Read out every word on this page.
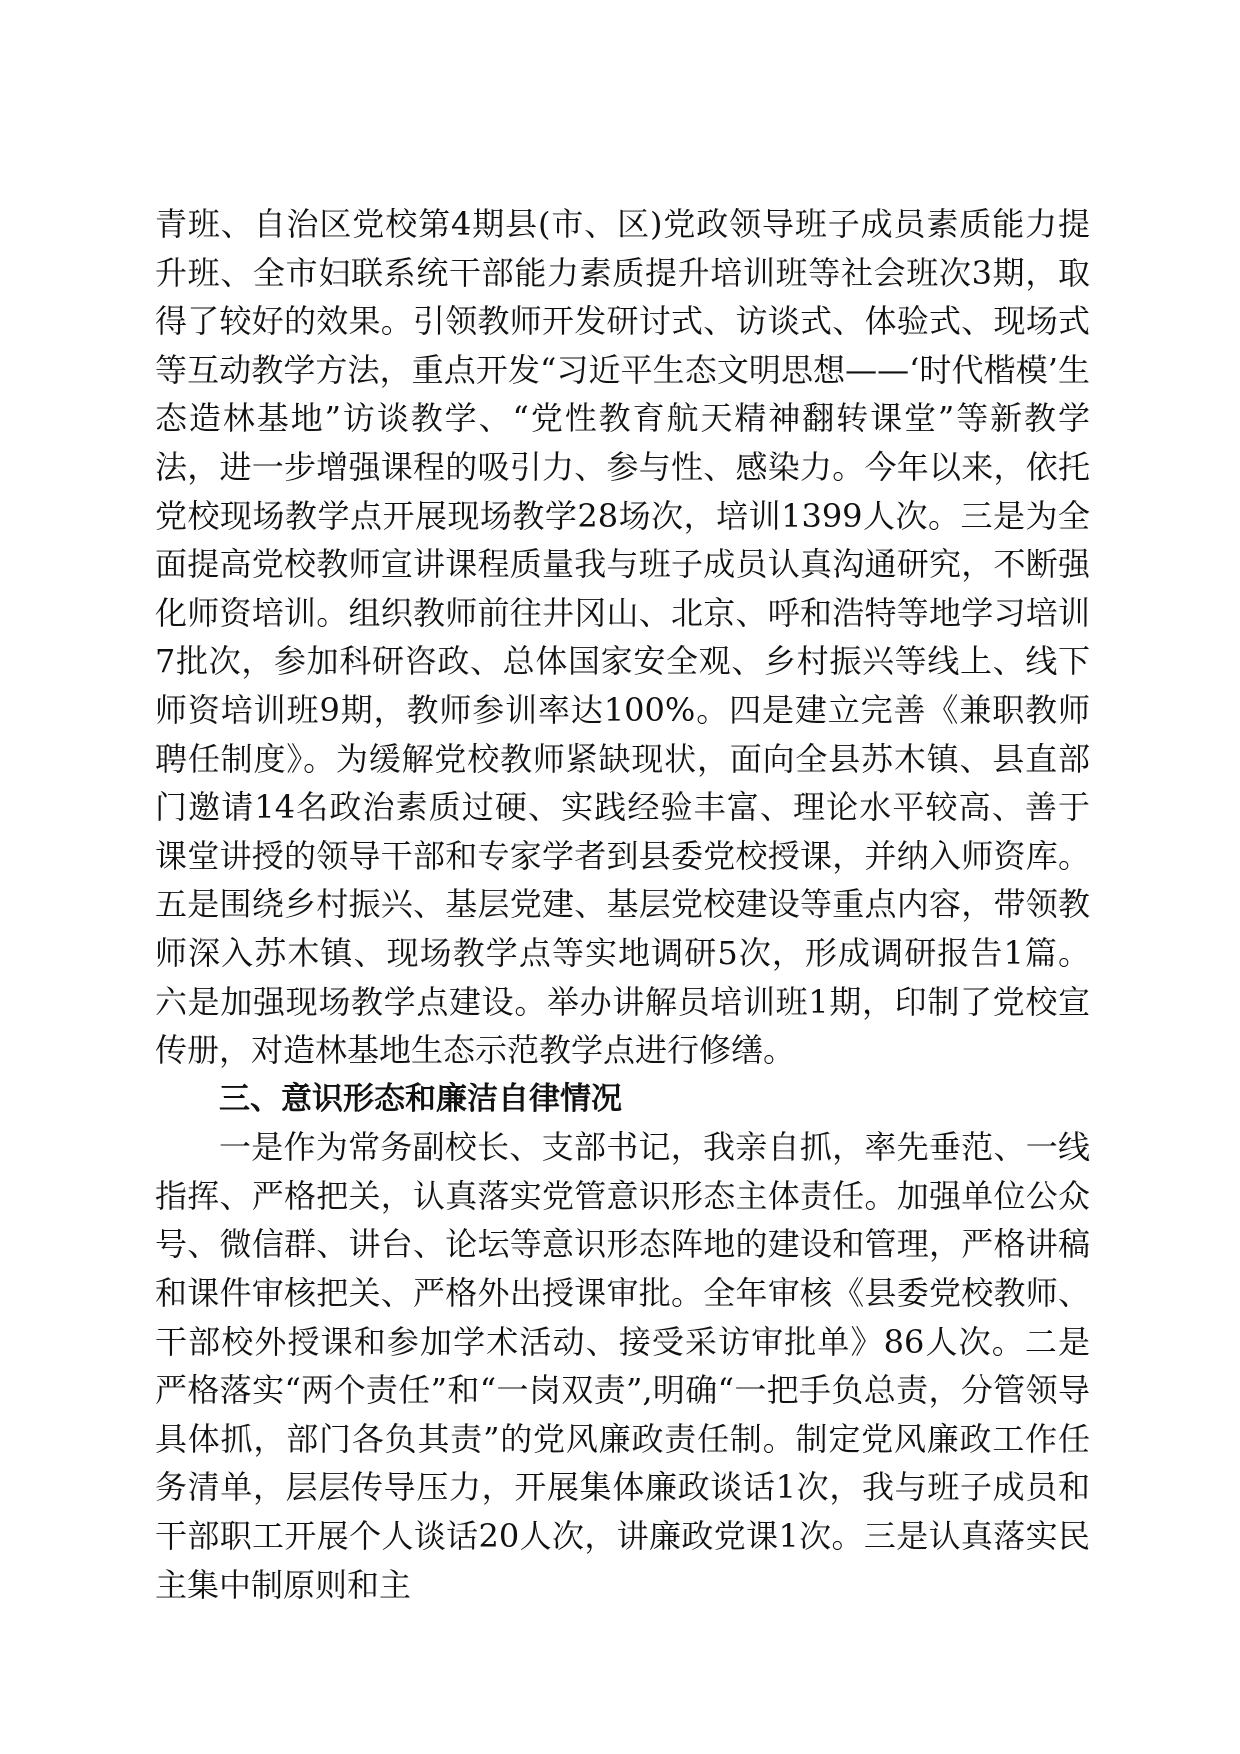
青班、自治区党校第4期县(市、区)党政领导班子成员素质能力提升班、全市妇联系统干部能力素质提升培训班等社会班次3期，取得了较好的效果。引领教师开发研讨式、访谈式、体验式、现场式等互动教学方法，重点开发“习近平生态文明思想——‘时代楷模’生态造林基地”访谈教学、“党性教育航天精神翻转课堂”等新教学法，进一步增强课程的吸引力、参与性、感染力。今年以来，依托党校现场教学点开展现场教学28场次，培训1399人次。三是为全面提高党校教师宣讲课程质量我与班子成员认真沟通研究，不断强化师资培训。组织教师前往井冈山、北京、呼和浩特等地学习培训7批次，参加科研咨政、总体国家安全观、乡村振兴等线上、线下师资培训班9期，教师参训率达100%。四是建立完善《兼职教师聘任制度》。为缓解党校教师紧缺现状，面向全县苏木镇、县直部门邀请14名政治素质过硬、实践经验丰富、理论水平较高、善于课堂讲授的领导干部和专家学者到县委党校授课，并纳入师资库。五是围绕乡村振兴、基层党建、基层党校建设等重点内容，带领教师深入苏木镇、现场教学点等实地调研5次，形成调研报告1篇。六是加强现场教学点建设。举办讲解员培训班1期，印制了党校宣传册，对造林基地生态示范教学点进行修缮。

三、意识形态和廉洁自律情况

一是作为常务副校长、支部书记，我亲自抓，率先垂范、一线指挥、严格把关，认真落实党管意识形态主体责任。加强单位公众号、微信群、讲台、论坛等意识形态阵地的建设和管理，严格讲稿和课件审核把关、严格外出授课审批。全年审核《县委党校教师、干部校外授课和参加学术活动、接受采访审批单》86人次。二是严格落实“两个责任”和“一岗双责”,明确“一把手负总责，分管领导具体抓，部门各负其责”的党风廉政责任制。制定党风廉政工作任务清单，层层传导压力，开展集体廉政谈话1次，我与班子成员和干部职工开展个人谈话20人次，讲廉政党课1次。三是认真落实民主集中制原则和主
